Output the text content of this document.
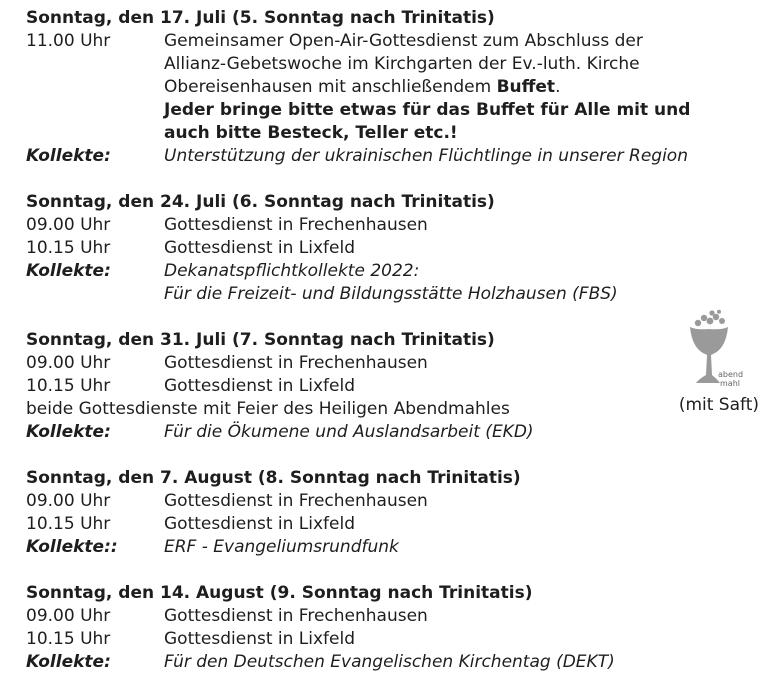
Sonntag, den 17. Juli (5. Sonntag nach Trinitatis)
11.00 Uhr	Gemeinsamer Open-Air-Gottesdienst zum Abschluss der
Allianz-Gebetswoche im Kirchgarten der Ev.-luth. Kirche
Obereisenhausen mit anschließendem Buffet.
Jeder bringe bitte etwas für das Buffet für Alle mit und
auch bitte Besteck, Teller etc.!
Kollekte:	Unterstützung der ukrainischen Flüchtlinge in unserer Region
Sonntag, den 24. Juli (6. Sonntag nach Trinitatis)
09.00 Uhr	Gottesdienst in Frechenhausen
10.15 Uhr	Gottesdienst in Lixfeld
Kollekte:	Dekanatspflichtkollekte 2022:
Für die Freizeit- und Bildungsstätte Holzhausen (FBS)
Sonntag, den 31. Juli (7. Sonntag nach Trinitatis)
09.00 Uhr	Gottesdienst in Frechenhausen
10.15 Uhr	Gottesdienst in Lixfeld
beide Gottesdienste mit Feier des Heiligen Abendmahles
Kollekte:	Für die Ökumene und Auslandsarbeit (EKD)
Sonntag, den 7. August (8. Sonntag nach Trinitatis)
09.00 Uhr	Gottesdienst in Frechenhausen
10.15 Uhr	Gottesdienst in Lixfeld
Kollekte::	ERF - Evangeliumsrundfunk
Sonntag, den 14. August (9. Sonntag nach Trinitatis)
09.00 Uhr	Gottesdienst in Frechenhausen
10.15 Uhr	Gottesdienst in Lixfeld
Kollekte:	Für den Deutschen Evangelischen Kirchentag (DEKT)
abend
mahl
(mit Saft)
